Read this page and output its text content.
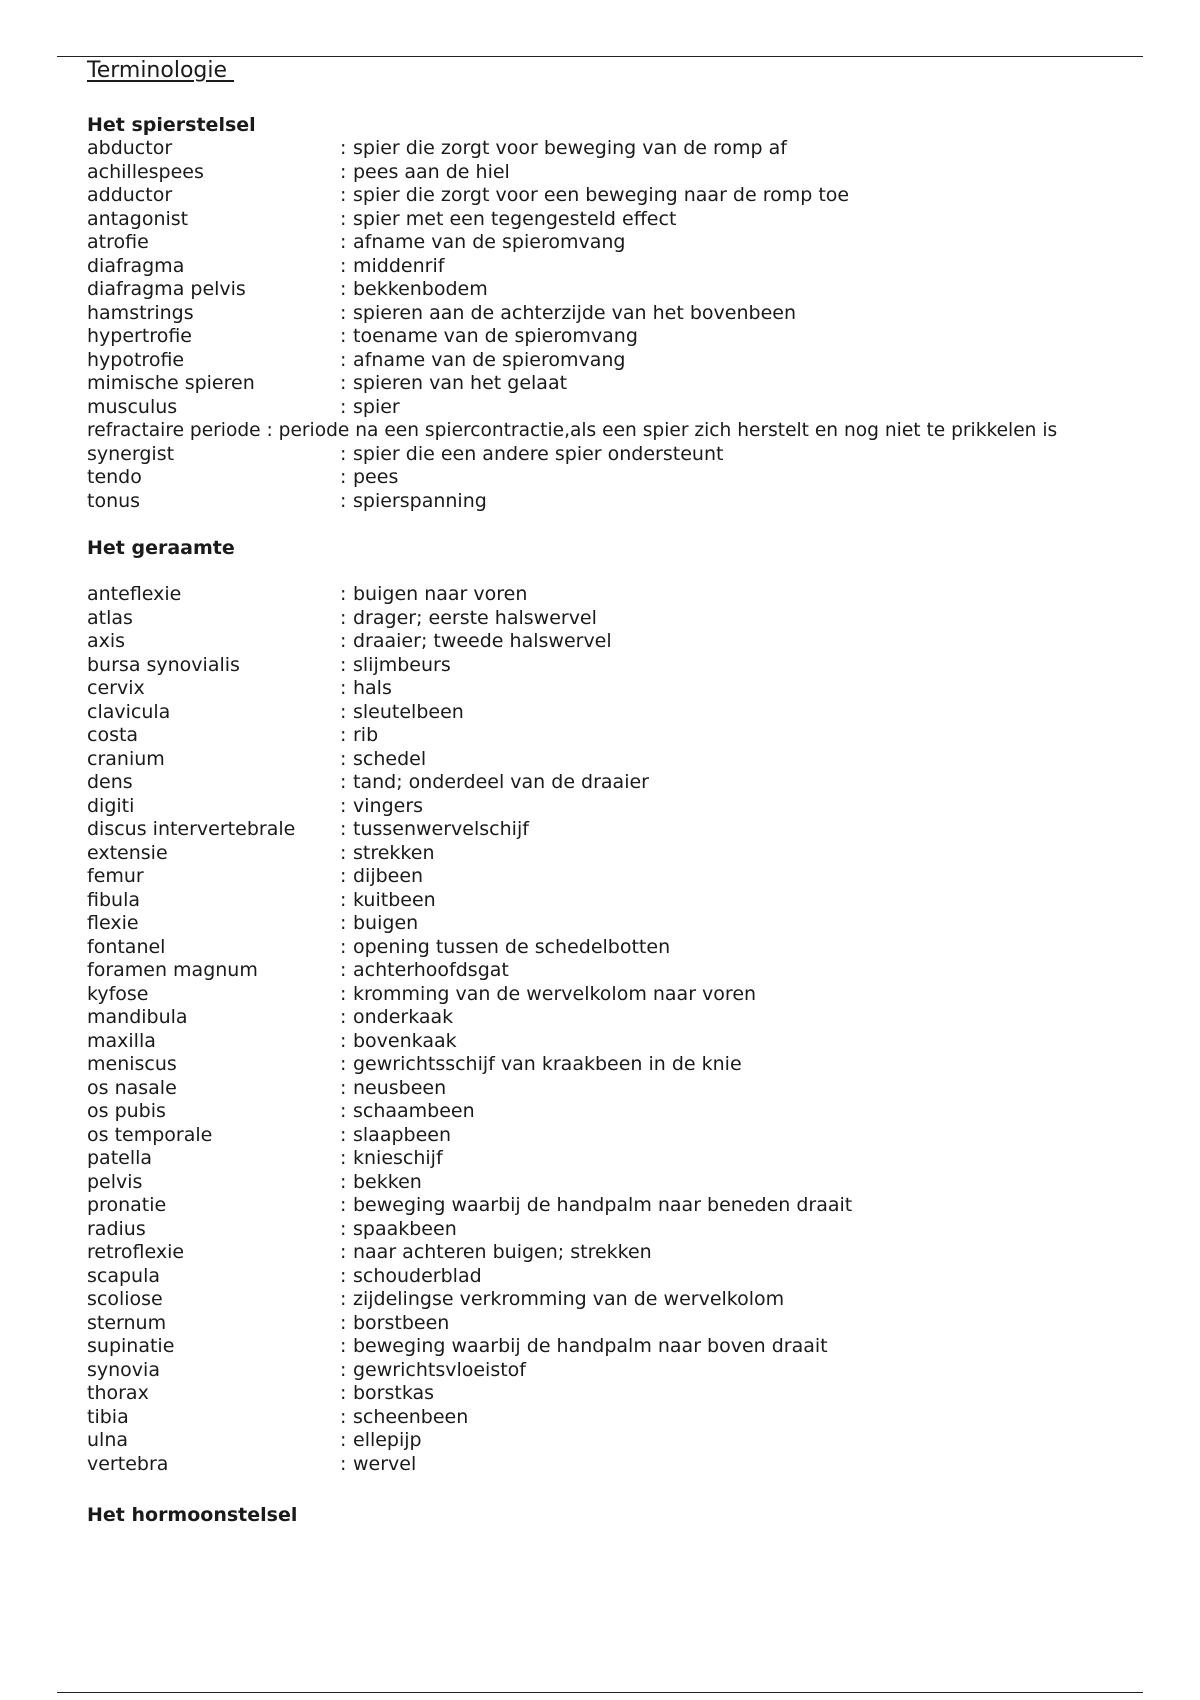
Terminologie
Het spierstelsel
abductor	: spier die zorgt voor beweging van de romp af
achillespees	: pees aan de hiel
adductor	: spier die zorgt voor een beweging naar de romp toe
antagonist	: spier met een tegengesteld effect
atrofie	: afname van de spieromvang
diafragma	: middenrif
diafragma pelvis	: bekkenbodem
hamstrings	: spieren aan de achterzijde van het bovenbeen
hypertrofie	: toename van de spieromvang
hypotrofie	: afname van de spieromvang
mimische spieren	: spieren van het gelaat
musculus	: spier
refractaire periode : periode na een spiercontractie,als een spier zich herstelt en nog niet te prikkelen is
synergist	: spier die een andere spier ondersteunt
tendo	: pees
tonus	: spierspanning
Het geraamte
anteflexie	: buigen naar voren
atlas	: drager; eerste halswervel
axis	: draaier; tweede halswervel
bursa synovialis	: slijmbeurs
cervix	: hals
clavicula	: sleutelbeen
costa	: rib
cranium	: schedel
dens	: tand; onderdeel van de draaier
digiti	: vingers
discus intervertebrale : tussenwervelschijf
extensie	: strekken
femur	: dijbeen
fibula	: kuitbeen
flexie	: buigen
fontanel	: opening tussen de schedelbotten
foramen magnum	: achterhoofdsgat
kyfose	: kromming van de wervelkolom naar voren
mandibula	: onderkaak
maxilla	: bovenkaak
meniscus	: gewrichtsschijf van kraakbeen in de knie
os nasale	: neusbeen
os pubis	: schaambeen
os temporale	: slaapbeen
patella	: knieschijf
pelvis	: bekken
pronatie	: beweging waarbij de handpalm naar beneden draait
radius	: spaakbeen
retroflexie	: naar achteren buigen; strekken
scapula	: schouderblad
scoliose	: zijdelingse verkromming van de wervelkolom
sternum	: borstbeen
supinatie	: beweging waarbij de handpalm naar boven draait
synovia	: gewrichtsvloeistof
thorax	: borstkas
tibia	: scheenbeen
ulna	: ellepijp
vertebra	: wervel
Het hormoonstelsel
